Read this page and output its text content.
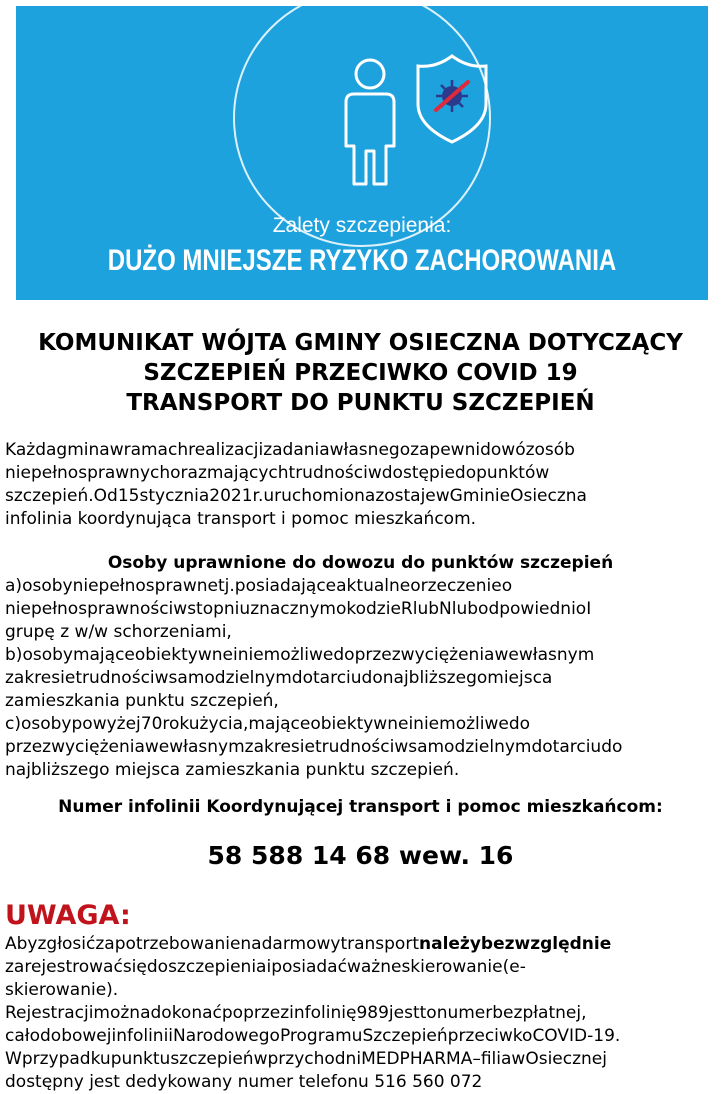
Zalety szczepienia:
DUŻO MNIEJSZE RYZYKO ZACHOROWANIA
KOMUNIKAT WÓJTA GMINY OSIECZNA DOTYCZĄCY
SZCZEPIEŃ PRZECIWKO COVID 19
TRANSPORT DO PUNKTU SZCZEPIEŃ
Każdagminawramachrealizacjizadaniawłasnegozapewnidowózosób
niepełnosprawnychorazmającychtrudnościwdostępiedopunktów
szczepień.Od15stycznia2021r.uruchomionazostajewGminieOsieczna
infolinia koordynująca transport i pomoc mieszkańcom.
Osoby uprawnione do dowozu do punktów szczepień
a)osobyniepełnosprawnetj.posiadająceaktualneorzeczenieo
niepełnosprawnościwstopniuznacznymokodzieRlubNlubodpowiednioI
grupę z w/w schorzeniami,
b)osobymająceobiektywneiniemożliwedoprzezwyciężeniawewłasnym
zakresietrudnościwsamodzielnymdotarciudonajbliższegomiejsca
zamieszkania punktu szczepień,
c)osobypowyżej70rokużycia,mająceobiektywneiniemożliwedo
przezwyciężeniawewłasnymzakresietrudnościwsamodzielnymdotarciudo
najbliższego miejsca zamieszkania punktu szczepień.
Numer infolinii Koordynującej transport i pomoc mieszkańcom:
58 588 14 68 wew. 16
UWAGA:
Abyzgłosićzapotrzebowanienadarmowytransportnależybezwzględnie
zarejestrowaćsiędoszczepieniaiposiadaćważneskierowanie(e-
skierowanie).
Rejestracjimożnadokonaćpoprzezinfolinię989jesttonumerbezpłatnej,
całodobowejinfoliniiNarodowegoProgramuSzczepieńprzeciwkoCOVID-19.
WprzypadkupunktuszczepieńwprzychodniMEDPHARMA–filiawOsiecznej
dostępny jest dedykowany numer telefonu 516 560 072
